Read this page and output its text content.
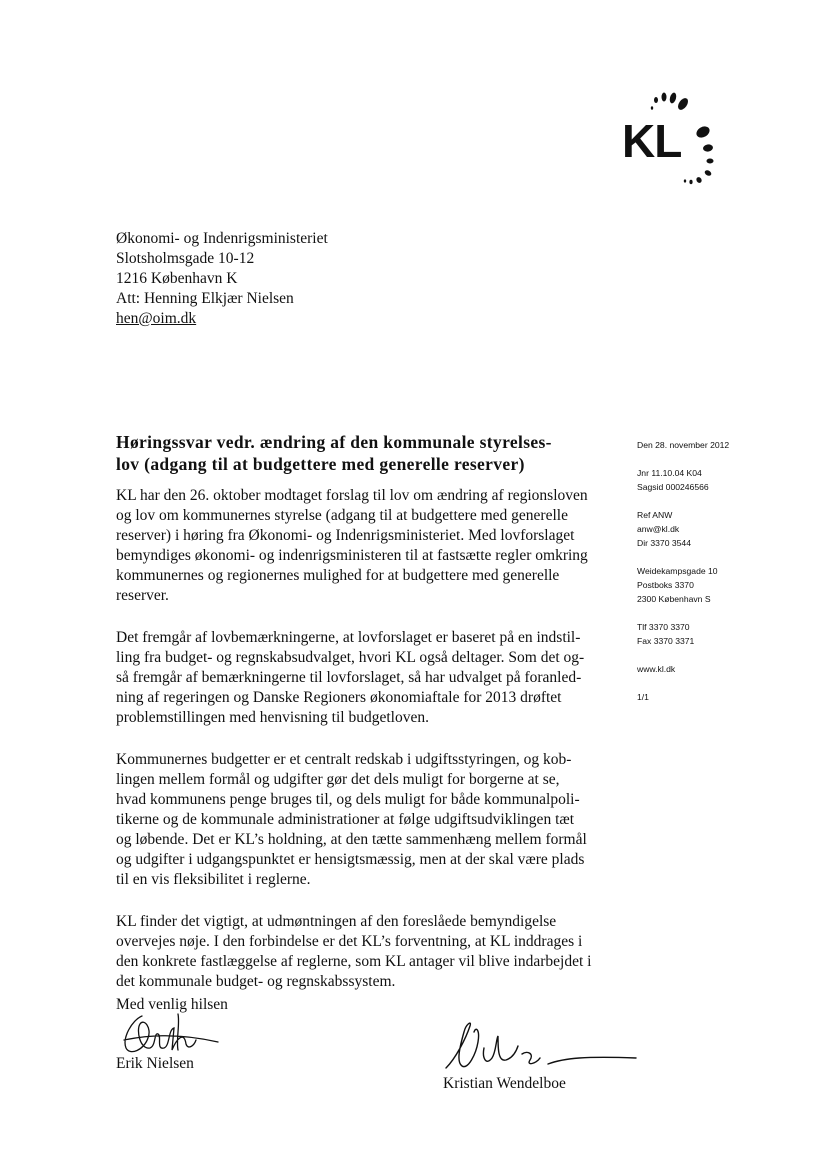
KL
Økonomi- og Indenrigsministeriet
Slotsholmsgade 10-12
1216 København K
Att: Henning Elkjær Nielsen
hen@oim.dk
Høringssvar vedr. ændring af den kommunale styrelses-
lov (adgang til at budgettere med generelle reserver)
KL har den 26. oktober modtaget forslag til lov om ændring af regionsloven
og lov om kommunernes styrelse (adgang til at budgettere med generelle
reserver) i høring fra Økonomi- og Indenrigsministeriet. Med lovforslaget
bemyndiges økonomi- og indenrigsministeren til at fastsætte regler omkring
kommunernes og regionernes mulighed for at budgettere med generelle
reserver.
Det fremgår af lovbemærkningerne, at lovforslaget er baseret på en indstil-
ling fra budget- og regnskabsudvalget, hvori KL også deltager. Som det og-
så fremgår af bemærkningerne til lovforslaget, så har udvalget på foranled-
ning af regeringen og Danske Regioners økonomiaftale for 2013 drøftet
problemstillingen med henvisning til budgetloven.
Kommunernes budgetter er et centralt redskab i udgiftsstyringen, og kob-
lingen mellem formål og udgifter gør det dels muligt for borgerne at se,
hvad kommunens penge bruges til, og dels muligt for både kommunalpoli-
tikerne og de kommunale administrationer at følge udgiftsudviklingen tæt
og løbende. Det er KL’s holdning, at den tætte sammenhæng mellem formål
og udgifter i udgangspunktet er hensigtsmæssig, men at der skal være plads
til en vis fleksibilitet i reglerne.
KL finder det vigtigt, at udmøntningen af den foreslåede bemyndigelse
overvejes nøje. I den forbindelse er det KL’s forventning, at KL inddrages i
den konkrete fastlæggelse af reglerne, som KL antager vil blive indarbejdet i
det kommunale budget- og regnskabssystem.
Den 28. november 2012
Jnr 11.10.04 K04
Sagsid 000246566
Ref ANW
anw@kl.dk
Dir 3370 3544
Weidekampsgade 10
Postboks 3370
2300 København S
Tlf 3370 3370
Fax 3370 3371
www.kl.dk
1/1
Med venlig hilsen
Erik Nielsen
Kristian Wendelboe
